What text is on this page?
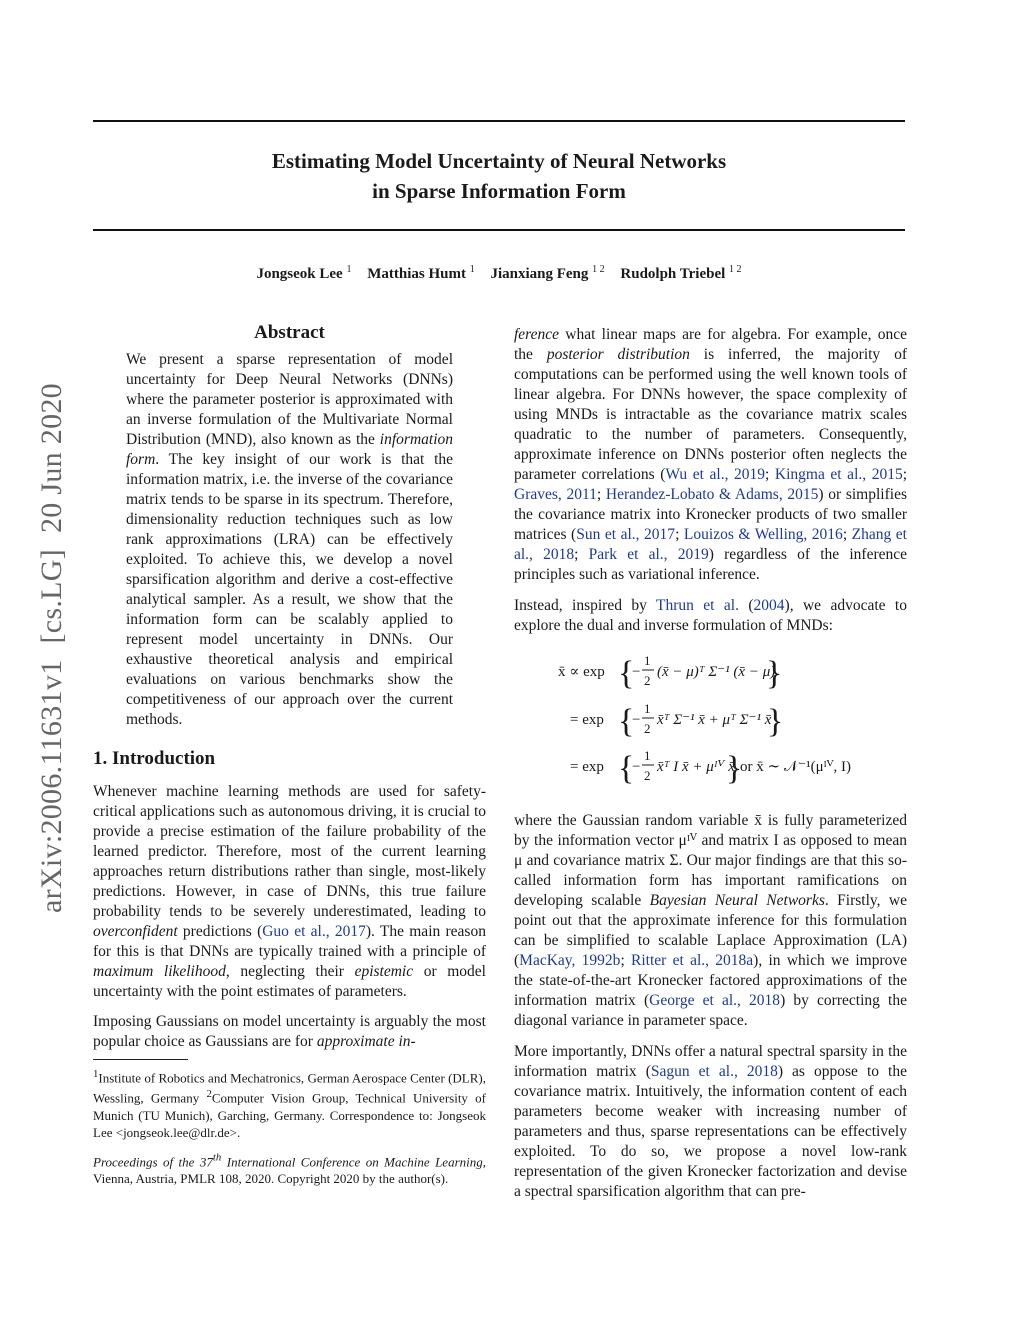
arXiv:2006.11631v1[cs.LG]20 Jun 2020
Estimating Model Uncertainty of Neural Networks
in Sparse Information Form
Jongseok Lee $^1$ Matthias Humt $^1$ Jianxiang Feng $^{1 2}$ Rudolph Triebel $^{1 2}$
Abstract
We present a sparse representation of model uncertainty for Deep Neural Networks (DNNs) where the parameter posterior is approximated with an inverse formulation of the Multivariate Normal Distribution (MND), also known as the information form. The key insight of our work is that the information matrix, i.e. the inverse of the covariance matrix tends to be sparse in its spectrum. Therefore, dimensionality reduction techniques such as low rank approximations (LRA) can be effectively exploited. To achieve this, we develop a novel sparsification algorithm and derive a cost-effective analytical sampler. As a result, we show that the information form can be scalably applied to represent model uncertainty in DNNs. Our exhaustive theoretical analysis and empirical evaluations on various benchmarks show the competitiveness of our approach over the current methods.
1. Introduction

Whenever machine learning methods are used for safety-critical applications such as autonomous driving, it is crucial to provide a precise estimation of the failure probability of the learned predictor. Therefore, most of the current learning approaches return distributions rather than single, most-likely predictions. However, in case of DNNs, this true failure probability tends to be severely underestimated, leading to overconfident predictions (Guo et al., 2017). The main reason for this is that DNNs are typically trained with a principle of maximum likelihood, neglecting their epistemic or model uncertainty with the point estimates of parameters.

Imposing Gaussians on model uncertainty is arguably the most popular choice as Gaussians are for approximate in-

$^1$Institute of Robotics and Mechatronics, German Aerospace Center (DLR), Wessling, Germany $^2$Computer Vision Group, Technical University of Munich (TU Munich), Garching, Germany. Correspondence to: Jongseok Lee <jongseok.lee@dlr.de>.
Proceedings of the 37th International Conference on Machine Learning, Vienna, Austria, PMLR 108, 2020. Copyright 2020 by the author(s).
ference what linear maps are for algebra. For example, once the posterior distribution is inferred, the majority of computations can be performed using the well known tools of linear algebra. For DNNs however, the space complexity of using MNDs is intractable as the covariance matrix scales quadratic to the number of parameters. Consequently, approximate inference on DNNs posterior often neglects the parameter correlations (Wu et al., 2019; Kingma et al., 2015; Graves, 2011; Herandez-Lobato & Adams, 2015) or simplifies the covariance matrix into Kronecker products of two smaller matrices (Sun et al., 2017; Louizos & Welling, 2016; Zhang et al., 2018; Park et al., 2019) regardless of the inference principles such as variational inference.
Instead, inspired by Thrun et al. (2004), we advocate to explore the dual and inverse formulation of MNDs:
x̄ ∝ exp {
−
1
2
(x̄ − μ)ᵀ Σ⁻¹ (x̄ − μ)
}
= exp {
−
1
2
x̄ᵀ Σ⁻¹ x̄ + μᵀ Σ⁻¹ x̄
}
= exp {
−
1
2
x̄ᵀ I x̄ + μᴵⱽ x̄
}
or x̄ ∼ 𝒩⁻¹(μᴵⱽ, I)
where the Gaussian random variable x̄ is fully parameterized by the information vector μᴵⱽ and matrix I as opposed to mean μ and covariance matrix Σ. Our major findings are that this so-called information form has important ramifications on developing scalable Bayesian Neural Networks. Firstly, we point out that the approximate inference for this formulation can be simplified to scalable Laplace Approximation (LA) (MacKay, 1992b; Ritter et al., 2018a), in which we improve the state-of-the-art Kronecker factored approximations of the information matrix (George et al., 2018) by correcting the diagonal variance in parameter space.
More importantly, DNNs offer a natural spectral sparsity in the information matrix (Sagun et al., 2018) as oppose to the covariance matrix. Intuitively, the information content of each parameters become weaker with increasing number of parameters and thus, sparse representations can be effectively exploited. To do so, we propose a novel low-rank representation of the given Kronecker factorization and devise a spectral sparsification algorithm that can pre-
